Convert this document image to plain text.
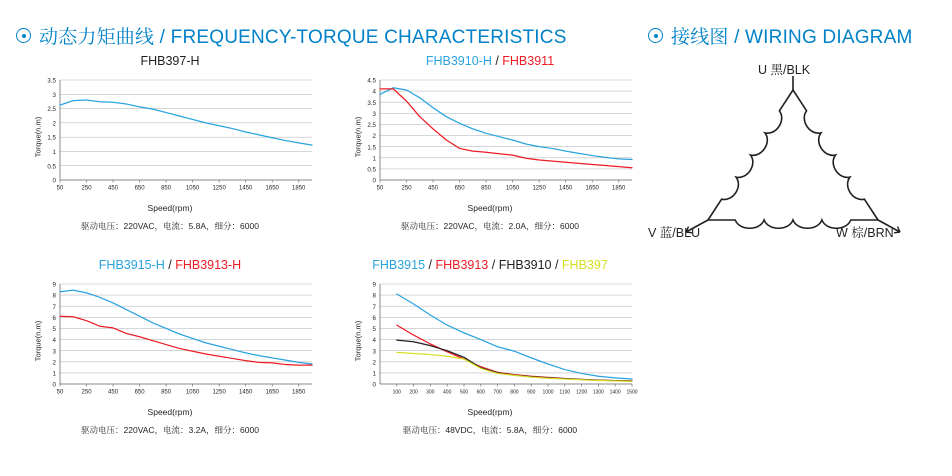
动态力矩曲线 / FREQUENCY-TORQUE CHARACTERISTICS	接线图 / WIRING DIAGRAM
FHB397-H
Torque(n.m)
0
0.5
1
1.5
2
2.5
3
3.5
50	250	450	650	850 1050 1250 1450 1650 1850
Speed(rpm)
驱动电压：220VAC，电流：5.8A，细分：6000
FHB3910-H / FHB3911
Torque(n.m)
0
0.5
1
1.5
2
2.5
3
3.5
4
4.5
50	250	450	650	850 1050 1250 1450 1650 1850
Speed(rpm)
驱动电压：220VAC，电流：2.0A，细分：6000
FHB3915-H / FHB3913-H
Torque(n.m)
0
1
2
3
4
5
6
7
8
9
50	250	450	650	850 1050 1250 1450 1650 1850
Speed(rpm)
驱动电压：220VAC，电流：3.2A，细分：6000
FHB3915 / FHB3913 / FHB3910 / FHB397
Torque(n.m)
0
1
2
3
4
5
6
7
8
9
100 200 300 400 500 600 700 800 900 1000 1100 1200 1300 1400 1500
Speed(rpm)
驱动电压：48VDC，电流：5.8A，细分：6000
U 黑/BLK
V 蓝/BLU	W 棕/BRN
